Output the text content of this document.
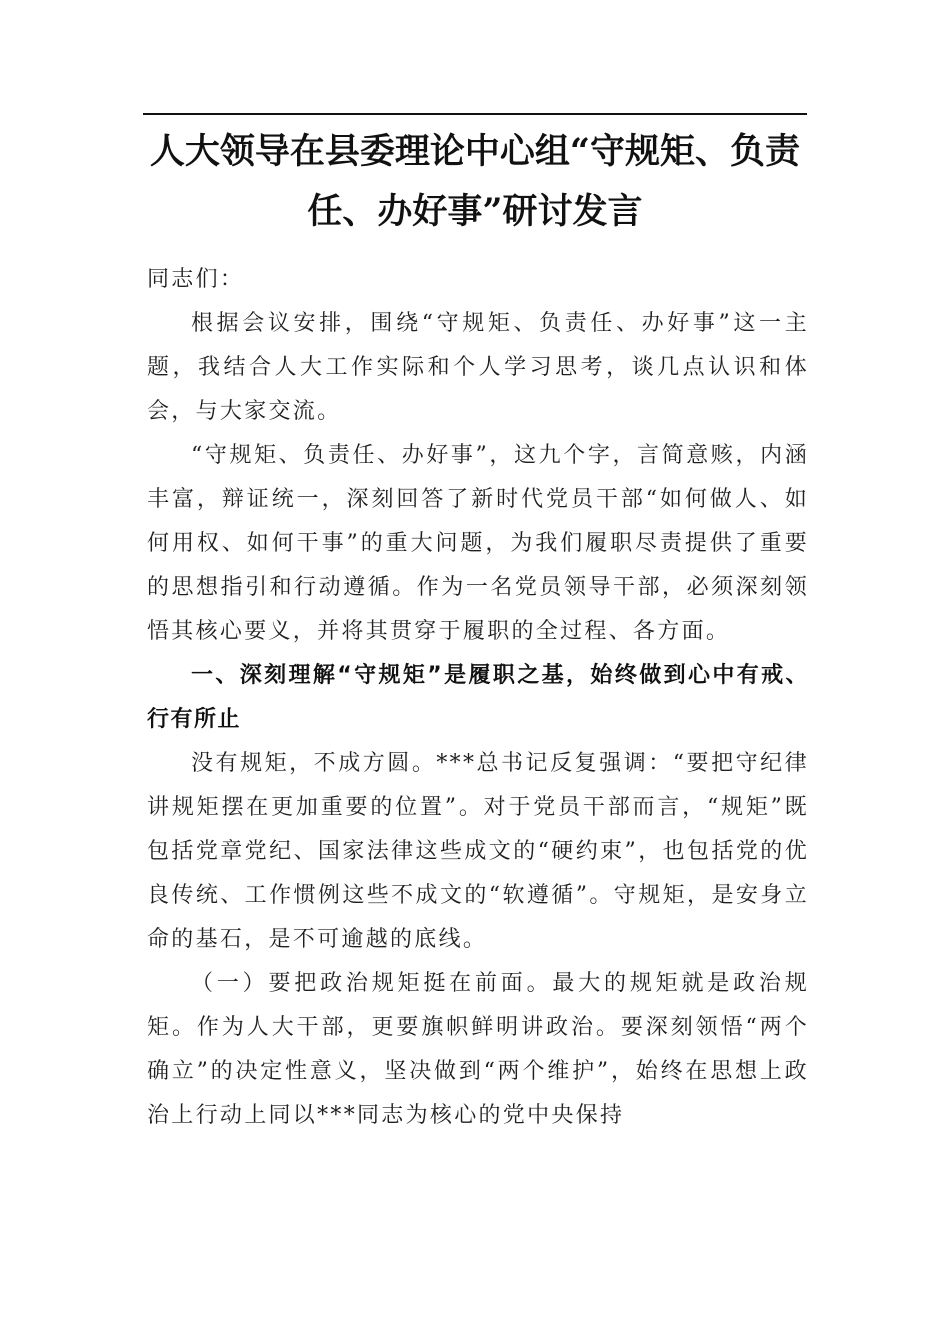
人大领导在县委理论中心组“守规矩、负责任、办好事”研讨发言

同志们：

根据会议安排，围绕“守规矩、负责任、办好事”这一主题，我结合人大工作实际和个人学习思考，谈几点认识和体会，与大家交流。

“守规矩、负责任、办好事”，这九个字，言简意赅，内涵丰富，辩证统一，深刻回答了新时代党员干部“如何做人、如何用权、如何干事”的重大问题，为我们履职尽责提供了重要的思想指引和行动遵循。作为一名党员领导干部，必须深刻领悟其核心要义，并将其贯穿于履职的全过程、各方面。

一、深刻理解“守规矩”是履职之基，始终做到心中有戒、行有所止

没有规矩，不成方圆。***总书记反复强调：“要把守纪律讲规矩摆在更加重要的位置”。对于党员干部而言，“规矩”既包括党章党纪、国家法律这些成文的“硬约束”，也包括党的优良传统、工作惯例这些不成文的“软遵循”。守规矩，是安身立命的基石，是不可逾越的底线。

（一）要把政治规矩挺在前面。最大的规矩就是政治规矩。作为人大干部，更要旗帜鲜明讲政治。要深刻领悟“两个确立”的决定性意义，坚决做到“两个维护”，始终在思想上政治上行动上同以***同志为核心的党中央保持
